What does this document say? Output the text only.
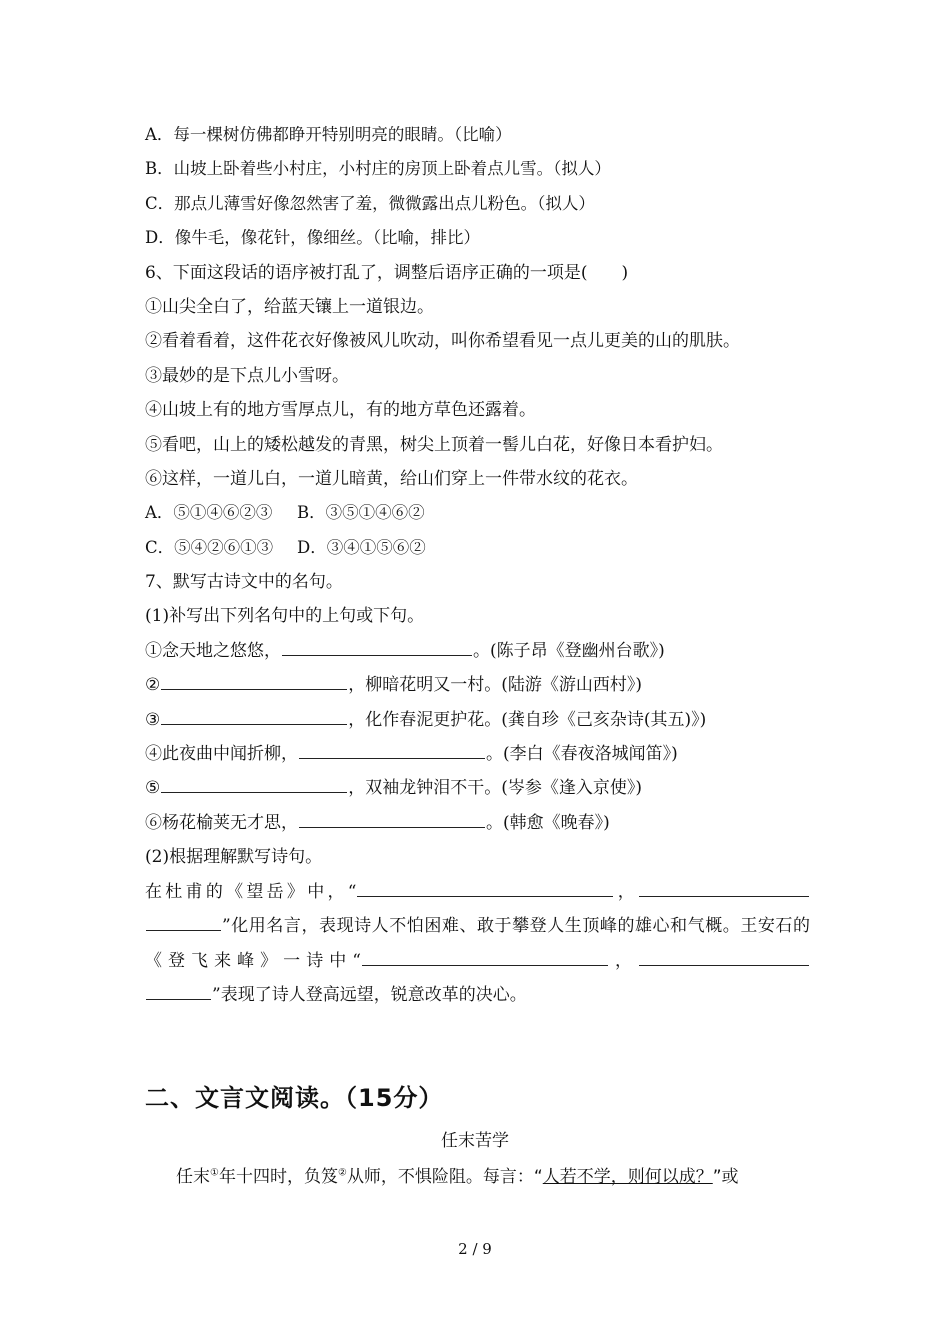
A．每一棵树仿佛都睁开特别明亮的眼睛。（比喻）
B．山坡上卧着些小村庄，小村庄的房顶上卧着点儿雪。（拟人）
C．那点儿薄雪好像忽然害了羞，微微露出点儿粉色。（拟人）
D．像牛毛，像花针，像细丝。（比喻，排比）
6、下面这段话的语序被打乱了，调整后语序正确的一项是(　　)
①山尖全白了，给蓝天镶上一道银边。
②看着看着，这件花衣好像被风儿吹动，叫你希望看见一点儿更美的山的肌肤。
③最妙的是下点儿小雪呀。
④山坡上有的地方雪厚点儿，有的地方草色还露着。
⑤看吧，山上的矮松越发的青黑，树尖上顶着一髻儿白花，好像日本看护妇。
⑥这样，一道儿白，一道儿暗黄，给山们穿上一件带水纹的花衣。
A．⑤①④⑥②③ B．③⑤①④⑥②
C．⑤④②⑥①③ D．③④①⑤⑥②
7、默写古诗文中的名句。
(1)补写出下列名句中的上句或下句。
①念天地之悠悠，	。(陈子昂《登幽州台歌》)
②	，柳暗花明又一村。(陆游《游山西村》)
③	，化作春泥更护花。(龚自珍《己亥杂诗(其五)》)
④此夜曲中闻折柳，	。(李白《春夜洛城闻笛》)
⑤	，双袖龙钟泪不干。(岑参《逢入京使》)
⑥杨花榆荚无才思，	。(韩愈《晚春》)
(2)根据理解默写诗句。
在杜甫的《望岳》中，“	，”化用名言，表现诗人不怕困难、敢于攀登人生顶峰的雄心和气概。王安石的《登飞来峰》一诗中“	，”表现了诗人登高远望，锐意改革的决心。
二、文言文阅读。（15分）
任末苦学
任末①年十四时，负笈②从师，不惧险阻。每言：“人若不学，则何以成？”或
2 / 9
